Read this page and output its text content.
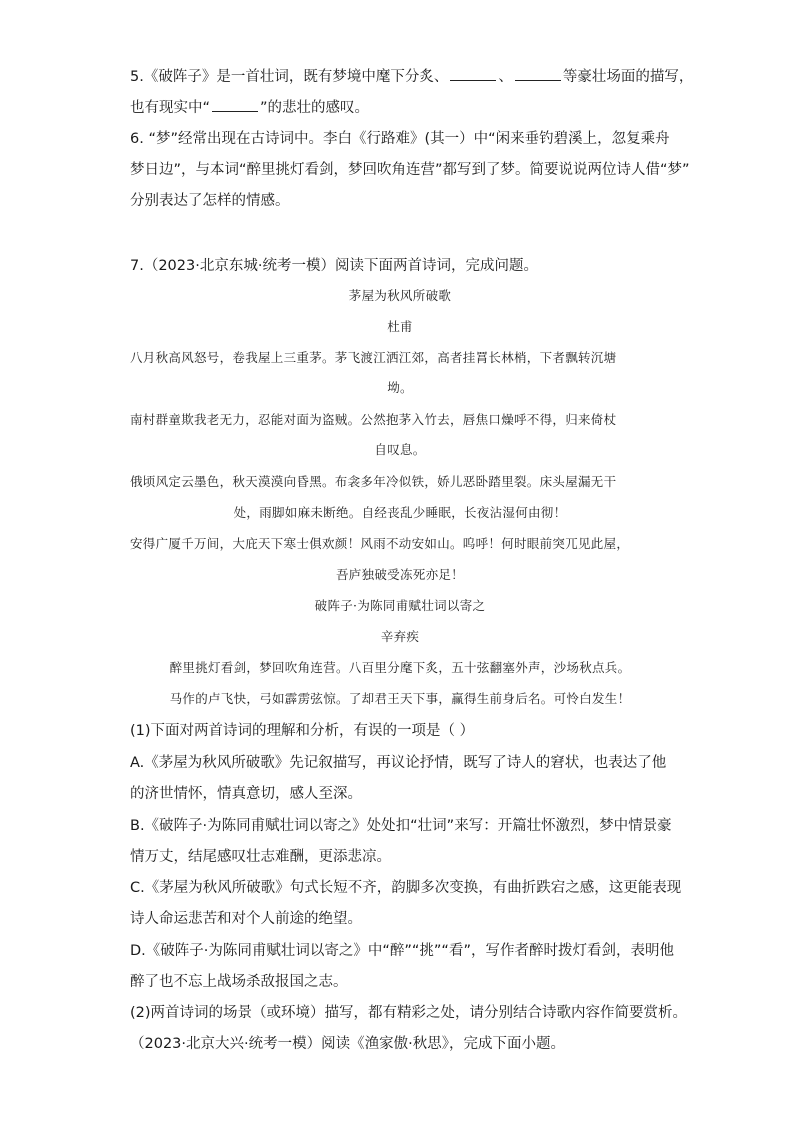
5.《破阵子》是一首壮词，既有梦境中麾下分炙、	、	等豪壮场面的描写，
也有现实中“	”的悲壮的感叹。
6. “梦”经常出现在古诗词中。李白《行路难》(其一）中“闲来垂钓碧溪上，忽复乘舟
梦日边”，与本词“醉里挑灯看剑，梦回吹角连营”都写到了梦。简要说说两位诗人借“梦”
分别表达了怎样的情感。
7.（2023·北京东城·统考一模）阅读下面两首诗词，完成问题。
茅屋为秋风所破歌
杜甫
八月秋高风怒号，卷我屋上三重茅。茅飞渡江洒江郊，高者挂罥长林梢，下者飘转沉塘
坳。
南村群童欺我老无力，忍能对面为盗贼。公然抱茅入竹去，唇焦口燥呼不得，归来倚杖
自叹息。
俄顷风定云墨色，秋天漠漠向昏黑。布衾多年冷似铁，娇儿恶卧踏里裂。床头屋漏无干
处，雨脚如麻未断绝。自经丧乱少睡眠，长夜沾湿何由彻！
安得广厦千万间，大庇天下寒士俱欢颜！风雨不动安如山。呜呼！何时眼前突兀见此屋，
吾庐独破受冻死亦足！
破阵子·为陈同甫赋壮词以寄之
辛弃疾
醉里挑灯看剑，梦回吹角连营。八百里分麾下炙，五十弦翻塞外声，沙场秋点兵。
马作的卢飞快，弓如霹雳弦惊。了却君王天下事，赢得生前身后名。可怜白发生！
(1)下面对两首诗词的理解和分析，有误的一项是（ ）
A.《茅屋为秋风所破歌》先记叙描写，再议论抒情，既写了诗人的窘状，也表达了他
的济世情怀，情真意切，感人至深。
B.《破阵子·为陈同甫赋壮词以寄之》处处扣“壮词”来写：开篇壮怀激烈，梦中情景豪
情万丈，结尾感叹壮志难酬，更添悲凉。
C.《茅屋为秋风所破歌》句式长短不齐，韵脚多次变换，有曲折跌宕之感，这更能表现
诗人命运悲苦和对个人前途的绝望。
D.《破阵子·为陈同甫赋壮词以寄之》中“醉”“挑”“看”，写作者醉时拨灯看剑，表明他
醉了也不忘上战场杀敌报国之志。
(2)两首诗词的场景（或环境）描写，都有精彩之处，请分别结合诗歌内容作简要赏析。
（2023·北京大兴·统考一模）阅读《渔家傲·秋思》，完成下面小题。
